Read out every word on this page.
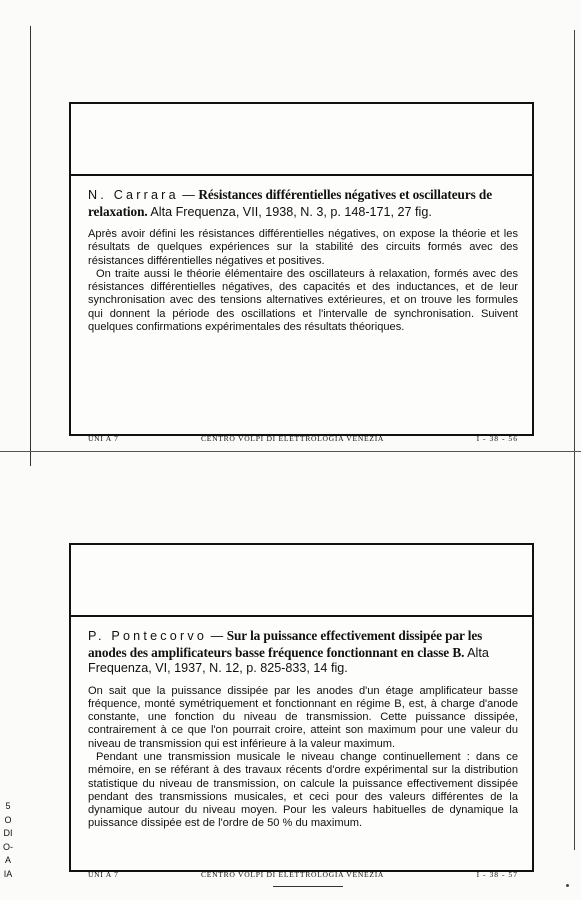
N. Carrara — Résistances différentielles négatives et oscillateurs de relaxation. Alta Frequenza, VII, 1938, N. 3, p. 148-171, 27 fig.

Après avoir défini les résistances différentielles négatives, on expose la théorie et les résultats de quelques expériences sur la stabilité des circuits formés avec des résistances différentielles négatives et positives.

On traite aussi le théorie élémentaire des oscillateurs à relaxation, formés avec des résistances différentielles négatives, des capacités et des inductances, et de leur synchronisation avec des tensions alternatives extérieures, et on trouve les formules qui donnent la période des oscillations et l'intervalle de synchronisation. Suivent quelques confirmations expérimentales des résultats théoriques.

UNI A 7	CENTRO VOLPI DI ELETTROLOGIA VENEZIA	I - 38 - 56
P. Pontecorvo — Sur la puissance effectivement dissipée par les anodes des amplificateurs basse fréquence fonctionnant en classe B. Alta Frequenza, VI, 1937, N. 12, p. 825-833, 14 fig.

On sait que la puissance dissipée par les anodes d'un étage amplificateur basse fréquence, monté symétriquement et fonctionnant en régime B, est, à charge d'anode constante, une fonction du niveau de transmission. Cette puissance dissipée, contrairement à ce que l'on pourrait croire, atteint son maximum pour une valeur du niveau de transmission qui est inférieure à la valeur maximum.

Pendant une transmission musicale le niveau change continuellement : dans ce mémoire, en se référant à des travaux récents d'ordre expérimental sur la distribution statistique du niveau de transmission, on calcule la puissance effectivement dissipée pendant des transmissions musicales, et ceci pour des valeurs différentes de la dynamique autour du niveau moyen. Pour les valeurs habituelles de dynamique la puissance dissipée est de l'ordre de 50 % du maximum.

UNI A 7	CENTRO VOLPI DI ELETTROLOGIA VENEZIA	I - 38 - 57
5
O
DI
O-
A
IA
